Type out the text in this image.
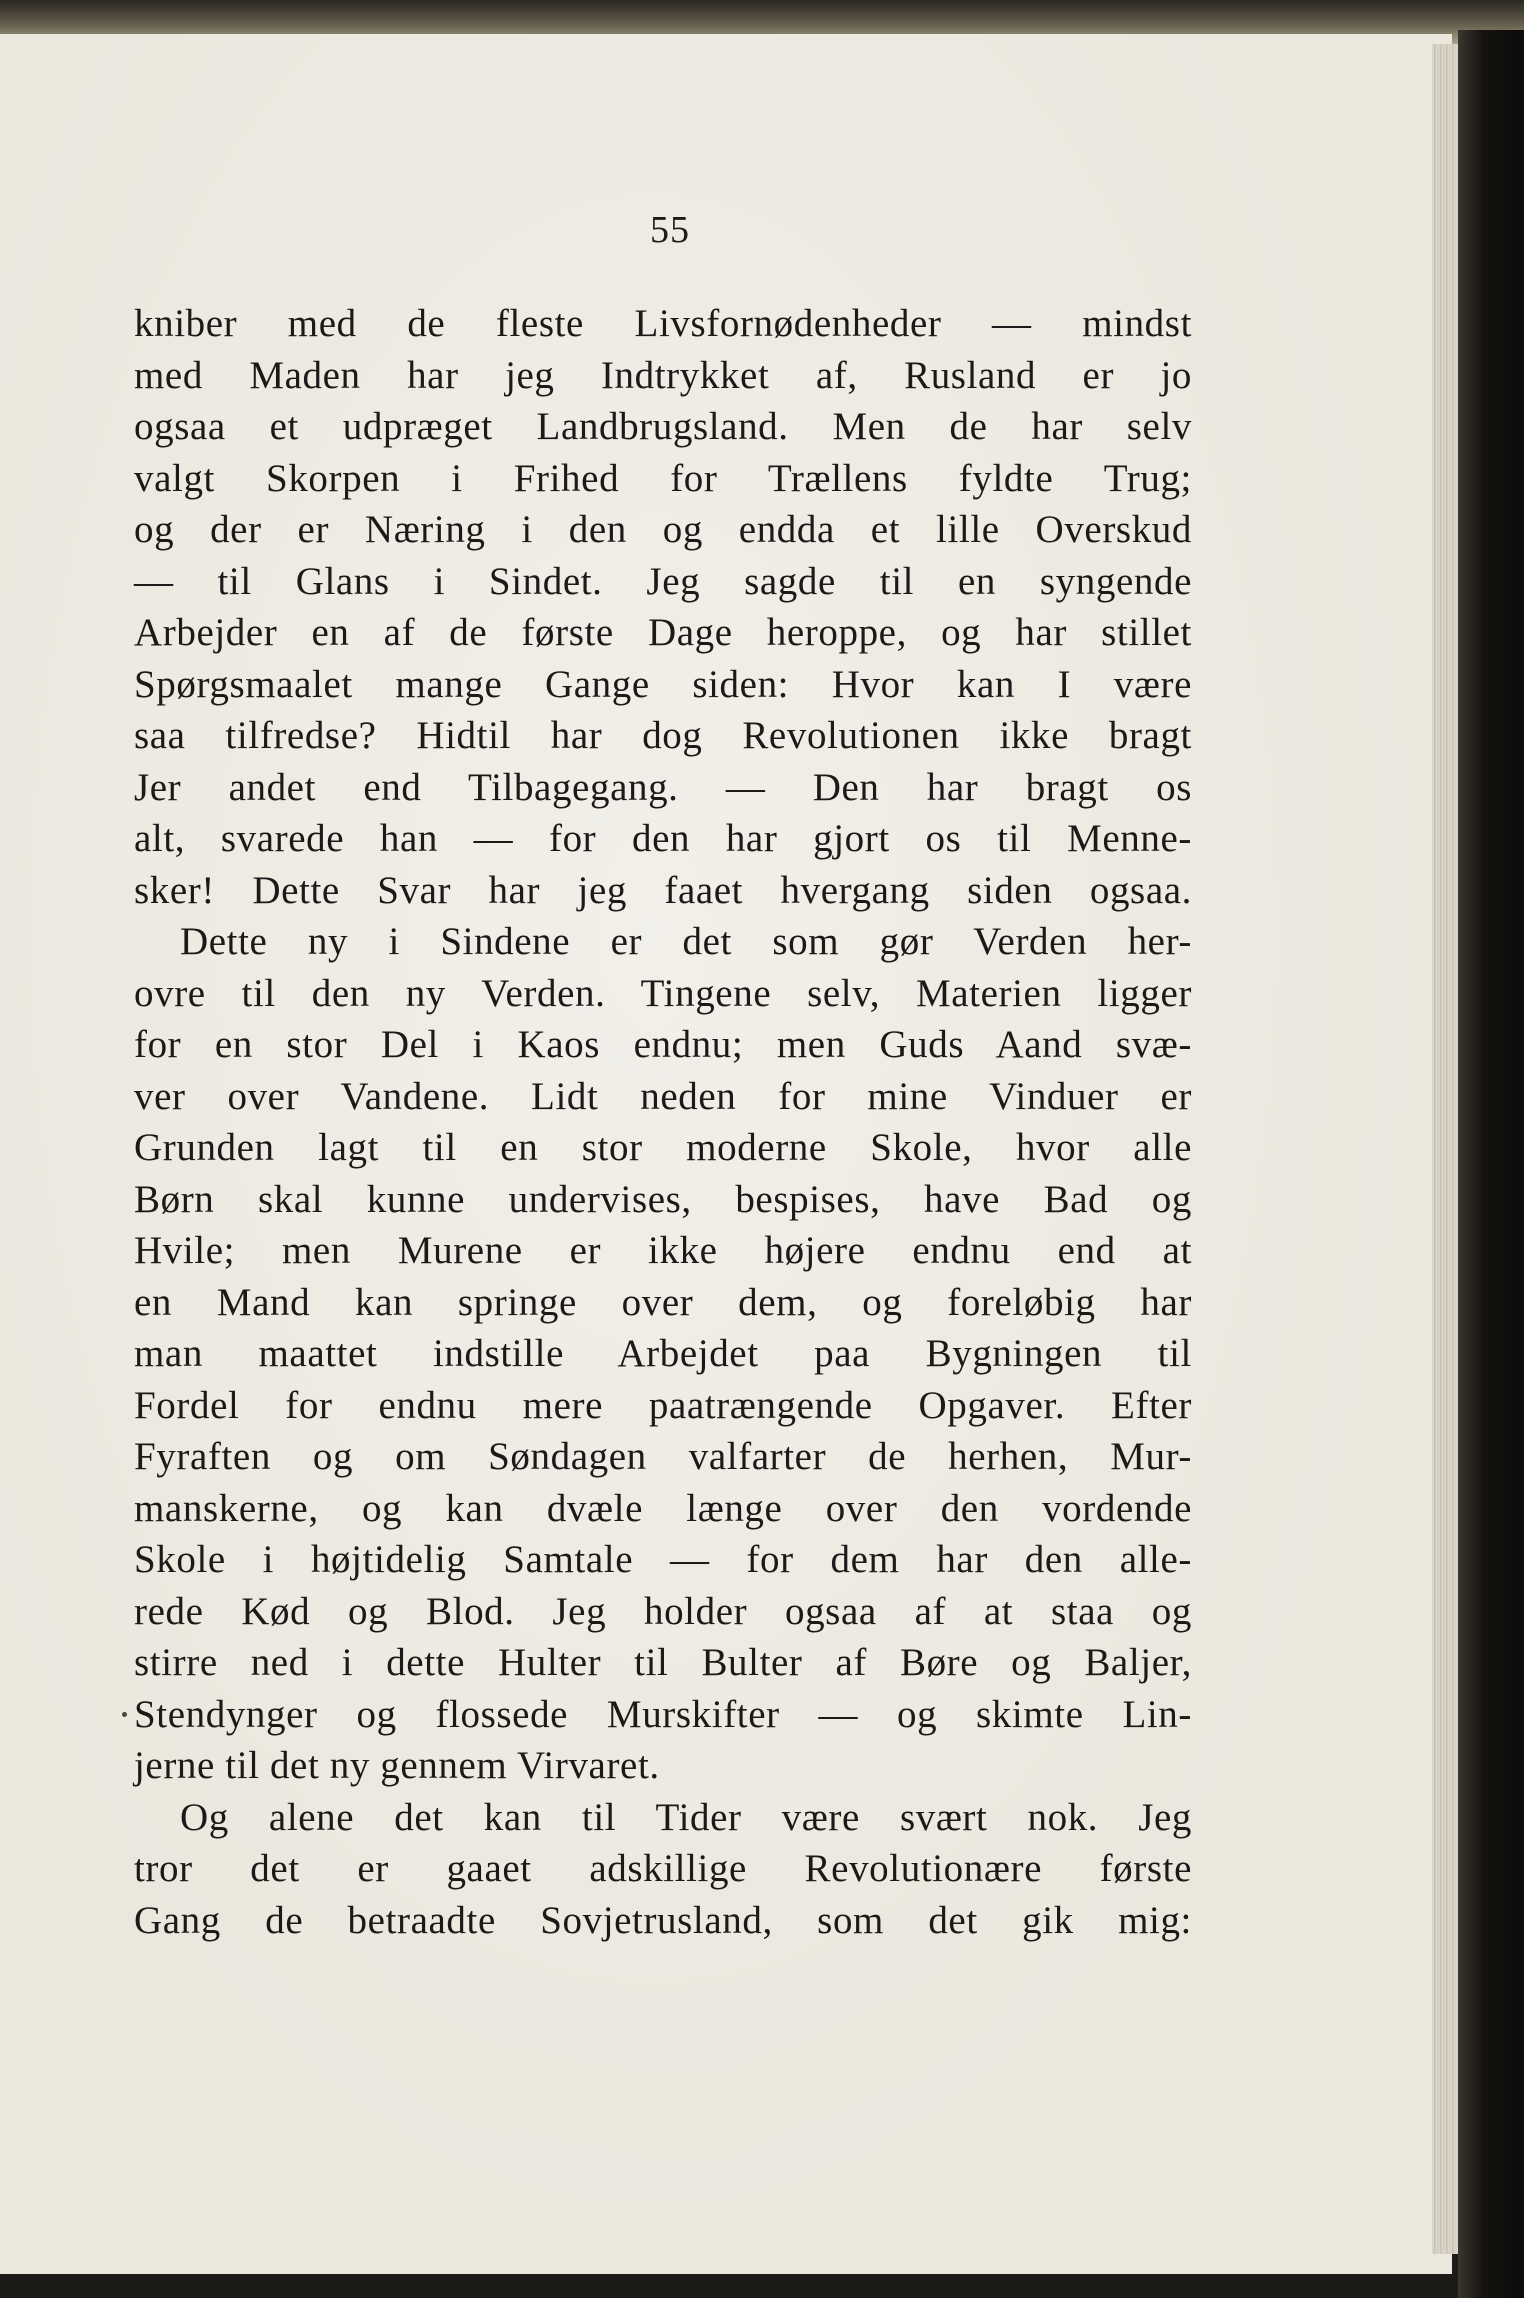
55
kniber med de fleste Livsfornødenheder — mindst
med Maden har jeg Indtrykket af, Rusland er jo
ogsaa et udpræget Landbrugsland. Men de har selv
valgt Skorpen i Frihed for Trællens fyldte Trug;
og der er Næring i den og endda et lille Overskud
— til Glans i Sindet. Jeg sagde til en syngende
Arbejder en af de første Dage heroppe, og har stillet
Spørgsmaalet mange Gange siden: Hvor kan I være
saa tilfredse? Hidtil har dog Revolutionen ikke bragt
Jer andet end Tilbagegang. — Den har bragt os
alt, svarede han — for den har gjort os til Menne-
sker! Dette Svar har jeg faaet hvergang siden ogsaa.
Dette ny i Sindene er det som gør Verden her-
ovre til den ny Verden. Tingene selv, Materien ligger
for en stor Del i Kaos endnu; men Guds Aand svæ-
ver over Vandene. Lidt neden for mine Vinduer er
Grunden lagt til en stor moderne Skole, hvor alle
Børn skal kunne undervises, bespises, have Bad og
Hvile; men Murene er ikke højere endnu end at
en Mand kan springe over dem, og foreløbig har
man maattet indstille Arbejdet paa Bygningen til
Fordel for endnu mere paatrængende Opgaver. Efter
Fyraften og om Søndagen valfarter de herhen, Mur-
manskerne, og kan dvæle længe over den vordende
Skole i højtidelig Samtale — for dem har den alle-
rede Kød og Blod. Jeg holder ogsaa af at staa og
stirre ned i dette Hulter til Bulter af Børe og Baljer,
Stendynger og flossede Murskifter — og skimte Lin-
jerne til det ny gennem Virvaret.
Og alene det kan til Tider være svært nok. Jeg
tror det er gaaet adskillige Revolutionære første
Gang de betraadte Sovjetrusland, som det gik mig:
